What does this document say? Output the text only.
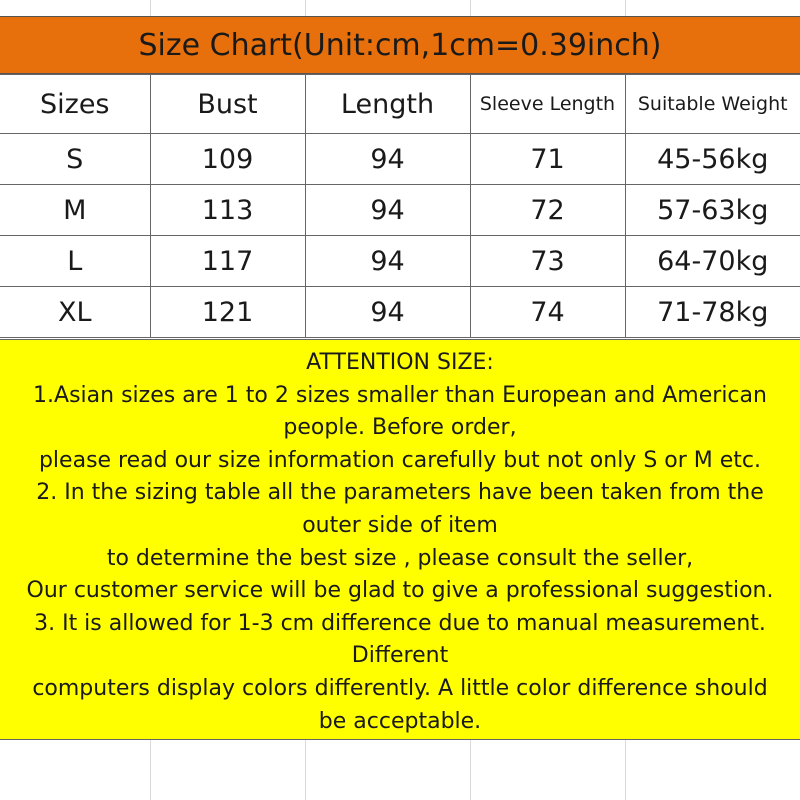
Size Chart(Unit:cm,1cm=0.39inch)
Sizes	Bust	Length	Sleeve Length	Suitable Weight
S	109	94	71	45-56kg
M	113	94	72	57-63kg
L	117	94	73	64-70kg
XL	121	94	74	71-78kg
ATTENTION SIZE:
1.Asian sizes are 1 to 2 sizes smaller than European and American
people. Before order,
please read our size information carefully but not only S or M etc.
2. In the sizing table all the parameters have been taken from the
outer side of item
to determine the best size , please consult the seller,
Our customer service will be glad to give a professional suggestion.
3. It is allowed for 1-3 cm difference due to manual measurement.
Different
computers display colors differently. A little color difference should
be acceptable.
